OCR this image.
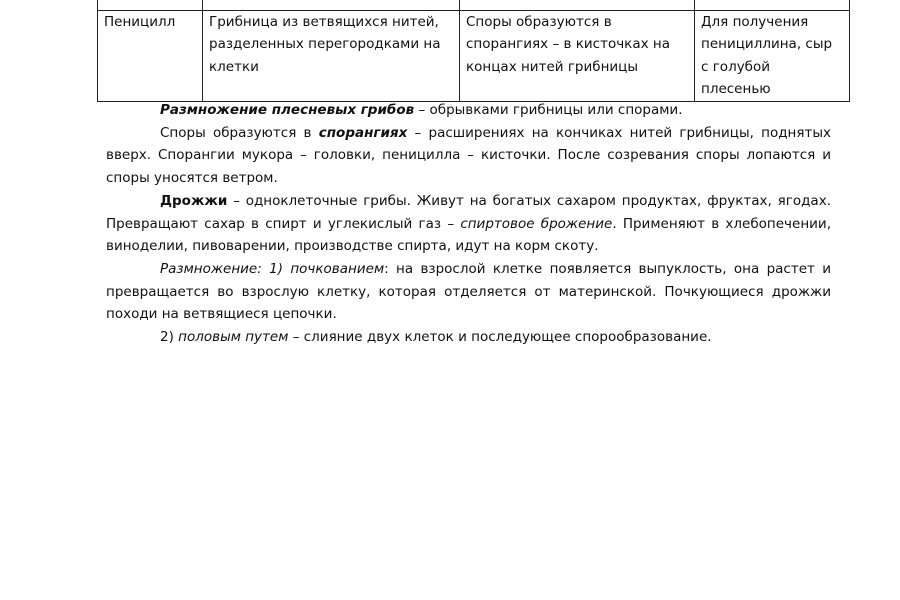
Пеницилл	Грибница из ветвящихся нитей, разделенных перегородками на клетки	Споры образуются в спорангиях – в кисточках на концах нитей грибницы	Для получения пенициллина, сыр с голубой плесенью

Размножение плесневых грибов – обрывками грибницы или спорами.

Споры образуются в спорангиях – расширениях на кончиках нитей грибницы, поднятых вверх. Спорангии мукора – головки, пеницилла – кисточки. После созревания споры лопаются и споры уносятся ветром.

Дрожжи – одноклеточные грибы. Живут на богатых сахаром продуктах, фруктах, ягодах. Превращают сахар в спирт и углекислый газ – спиртовое брожение. Применяют в хлебопечении, виноделии, пивоварении, производстве спирта, идут на корм скоту.

Размножение: 1) почкованием: на взрослой клетке появляется выпуклость, она растет и превращается во взрослую клетку, которая отделяется от материнской. Почкующиеся дрожжи походи на ветвящиеся цепочки.

2) половым путем – слияние двух клеток и последующее спорообразование.
